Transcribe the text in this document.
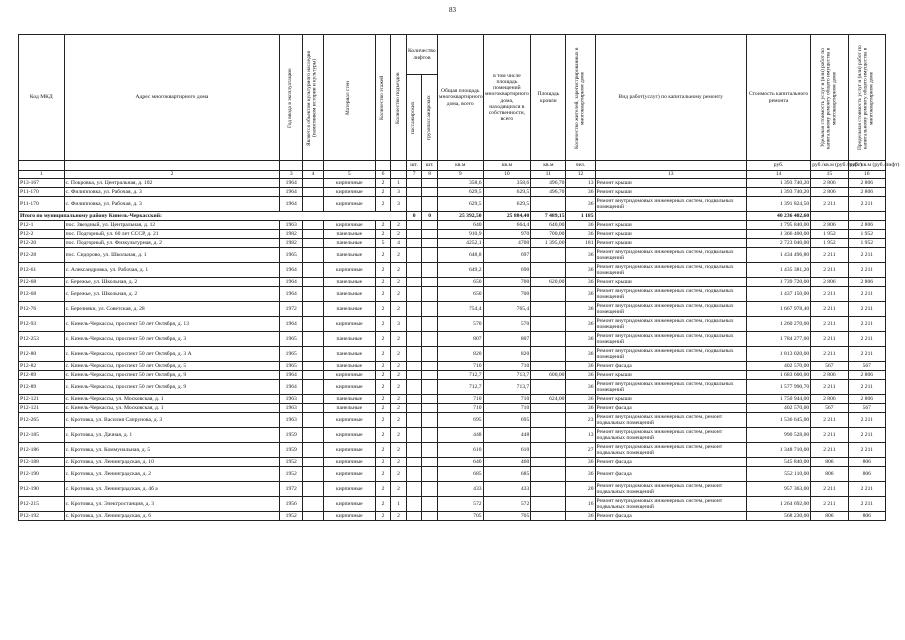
83
Код МКД	Адрес многоквартирного дома	Год ввода в эксплуатацию	Является объектом культурного наследия (памятником истории и культуры)	Материал стен	Количество этажей	Количество подъездов	Количество лифтов		Общая площадь многоквартирного дома, всего	в том числе площадь помещений многоквартирного дома, находящихся в собственности, всего	Площадь кровли	Количество жителей, зарегистрированных в многоквартирном доме	Вид работ(услуг) по капитальному ремонту	Стоимость капитального ремонта	Удельная стоимость услуг и (или) работ по капитальному ремонту общего имущества в многоквартирном доме	Предельная стоимость услуг и (или) работ по капитальному ремонту общего имущества в многоквартирном доме

							пассажирских	грузопассажирских								

							шт.	шт.	кв.м	кв.м	кв.м	чел.		руб.	руб./кв.м (руб./лифт)	руб./кв.м (руб./лифт)
1	2	3	4	5	6		7	8	9	10	11	12	13	14	15	16
Р13-167	с. Покровка, ул. Центральная, д. 102	1964		кирпичные	2	1			358,6	358,6	496,70	13	Ремонт крыши	1 393 740,20	2 806	2 806
Р11-170	с. Филипповка, ул. Рабочая, д. 3	1964		кирпичные	2	3			629,5	629,5	496,70	36	Ремонт крыши	1 393 740,20	2 806	2 806
Р11-170	с. Филипповка, ул. Рабочая, д. 3	1964		кирпичные	2	3			629,5	629,5		36	Ремонт внутридомовых инженерных систем, подвальных помещений	1 391 824,50	2 211	2 211
Итого по муниципальному району Кинель-Черкасский:							0	0	25 392,50	25 884,40	7 489,15	1 185		40 236 402,60		
Р12-1	пос. Звездный, ул. Центральная, д. 12	1963		кирпичные	2	2			640	664,4	640,00	36	Ремонт крыши	1 795 840,00	2 806	2 806
Р12-2	пос. Подгорный, ул. 60 лет СССР, д. 21	1982		панельные	2	2			910,9	970	700,00	36	Ремонт крыши	1 366 400,00	1 952	1 952
Р12-20	пос. Подгорный, ул. Физкультурная, д. 2	1982		панельные	5	4			4252,1	4700	1 395,00	181	Ремонт крыши	2 723 040,00	1 952	1 952
Р12-28	пос. Сидорово, ул. Школьная, д. 1	1965		панельные	2	2			648,8	697		36	Ремонт внутридомовых инженерных систем, подвальных помещений	1 434 496,80	2 211	2 211
Р12-61	с. Александровка, ул. Рабочая, д. 1	1964		кирпичные	2	2			649,2	690		36	Ремонт внутридомовых инженерных систем, подвальных помещений	1 435 381,20	2 211	2 211
Р12-68	с. Бережье, ул. Школьная, д. 2	1964		панельные	2	2			650	700	620,00	36	Ремонт крыши	1 739 720,00	2 806	2 806
Р12-68	с. Бережье, ул. Школьная, д. 2	1964		панельные	2	2			650	700		36	Ремонт внутридомовых инженерных систем, подвальных помещений	1 437 150,00	2 211	2 211
Р12-76	с. Березняки, ул. Советская, д. 28	1972		панельные	2	2			754,4	765,4		36	Ремонт внутридомовых инженерных систем, подвальных помещений	1 667 978,40	2 211	2 211
Р12-93	с. Кинель-Черкассы, проспект 50 лет Октября, д. 13	1964		кирпичные	2	3			570	570		36	Ремонт внутридомовых инженерных систем, подвальных помещений	1 260 270,00	2 211	2 211
Р12-253	с. Кинель-Черкассы, проспект 50 лет Октября, д. 3	1965		панельные	2	2			807	807		36	Ремонт внутридомовых инженерных систем, подвальных помещений	1 784 277,00	2 211	2 211
Р12-80	с. Кинель-Черкассы, проспект 50 лет Октября, д. 3 А	1965		панельные	2	2			820	820		36	Ремонт внутридомовых инженерных систем, подвальных помещений	1 813 020,00	2 211	2 211
Р12-82	с. Кинель-Черкассы, проспект 50 лет Октября, д. 5	1965		панельные	2	2			710	710		36	Ремонт фасада	402 570,00	567	567
Р12-89	с. Кинель-Черкассы, проспект 50 лет Октября, д. 9	1964		кирпичные	2	2			712,7	713,7	600,00	36	Ремонт крыши	1 683 600,00	2 806	2 806
Р12-89	с. Кинель-Черкассы, проспект 50 лет Октября, д. 9	1964		кирпичные	2	2			712,7	713,7		36	Ремонт внутридомовых инженерных систем, подвальных помещений	1 577 990,70	2 211	2 211
Р12-121	с. Кинель-Черкассы, ул. Московская, д. 1	1963		панельные	2	2			710	710	624,00	36	Ремонт крыши	1 750 944,00	2 806	2 806
Р12-121	с. Кинель-Черкассы, ул. Московская, д. 1	1963		панельные	2	2			710	710		36	Ремонт фасада	402 570,00	567	567
Р12-265	с. Кротовка, ул. Василия Сапрунова, д. 3	1963		кирпичные	2	2			695	695		23	Ремонт внутридомовых инженерных систем, ремонт подвальных помещений	1 536 645,00	2 211	2 211
Р12-185	с. Кротовка, ул. Дачная, д. 1	1959		кирпичные	2	2			448	448		13	Ремонт внутридомовых инженерных систем, ремонт подвальных помещений	990 528,00	2 211	2 211
Р12-186	с. Кротовка, ул. Коммунальная, д. 5	1959		кирпичные	2	2			610	610		27	Ремонт внутридомовых инженерных систем, ремонт подвальных помещений	1 348 710,00	2 211	2 211
Р12-188	с. Кротовка, ул. Ленинградская, д. 10	1952		кирпичные	2	2			640	460		36	Ремонт фасада	545 840,00	806	806
Р12-190	с. Кротовка, ул. Ленинградская, д. 2	1952		кирпичные	2	2			685	685		36	Ремонт фасада	552 110,00	806	806
Р12-190	с. Кротовка, ул. Ленинградская, д. 4б а	1972		кирпичные	2	2			433	433		20	Ремонт внутридомовых инженерных систем, ремонт подвальных помещений	957 363,00	2 211	2 211
Р12-215	с. Кротовка, ул. Электростанция, д. 3	1956		кирпичные	2	1			572	572		16	Ремонт внутридомовых инженерных систем, ремонт подвальных помещений	1 264 692,00	2 211	2 211
Р12-192	с. Кротовка, ул. Ленинградская, д. 6	1952		кирпичные	2	2			705	705		36	Ремонт фасада	568 230,00	806	806
